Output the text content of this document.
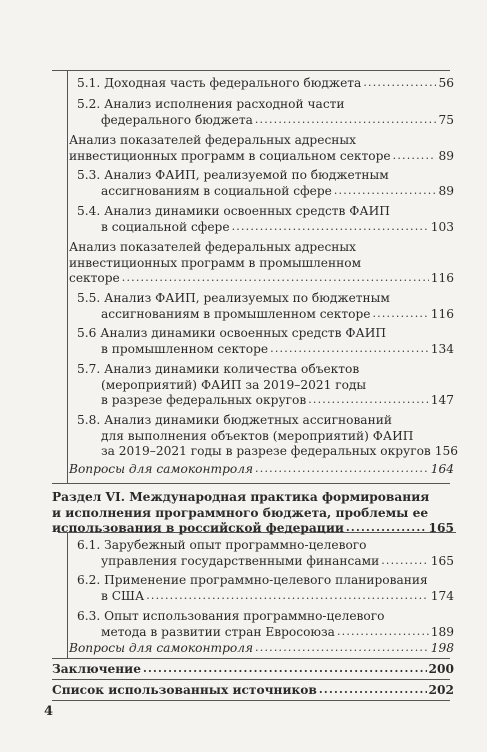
5.1. Доходная часть федерального бюджета .....	56
5.2. Анализ исполнения расходной части
федерального бюджета .....	75
Анализ показателей федеральных адресных
инвестиционных программ в социальном секторе .....	89
5.3. Анализ ФАИП, реализуемой по бюджетным
ассигнованиям в социальной сфере .....	89
5.4. Анализ динамики освоенных средств ФАИП
в социальной сфере .....	103
Анализ показателей федеральных адресных
инвестиционных программ в промышленном
секторе .....	116
5.5. Анализ ФАИП, реализуемых по бюджетным
ассигнованиям в промышленном секторе .....	116
5.6 Анализ динамики освоенных средств ФАИП
в промышленном секторе .....	134
5.7. Анализ динамики количества объектов
(мероприятий) ФАИП за 2019–2021 годы
в разрезе федеральных округов .....	147
5.8. Анализ динамики бюджетных ассигнований
для выполнения объектов (мероприятий) ФАИП
за 2019–2021 годы в разрезе федеральных округов 156
Вопросы для самоконтроля .....	164
Раздел VI. Международная практика формирования
и исполнения программного бюджета, проблемы ее
использования в российской федерации .....	165
6.1. Зарубежный опыт программно-целевого
управления государственными финансами .....	165
6.2. Применение программно-целевого планирования
в США .....	174
6.3. Опыт использования программно-целевого
метода в развитии стран Евросоюза .....	189
Вопросы для самоконтроля .....	198
Заключение .....	200
Список использованных источников .....	202
4
